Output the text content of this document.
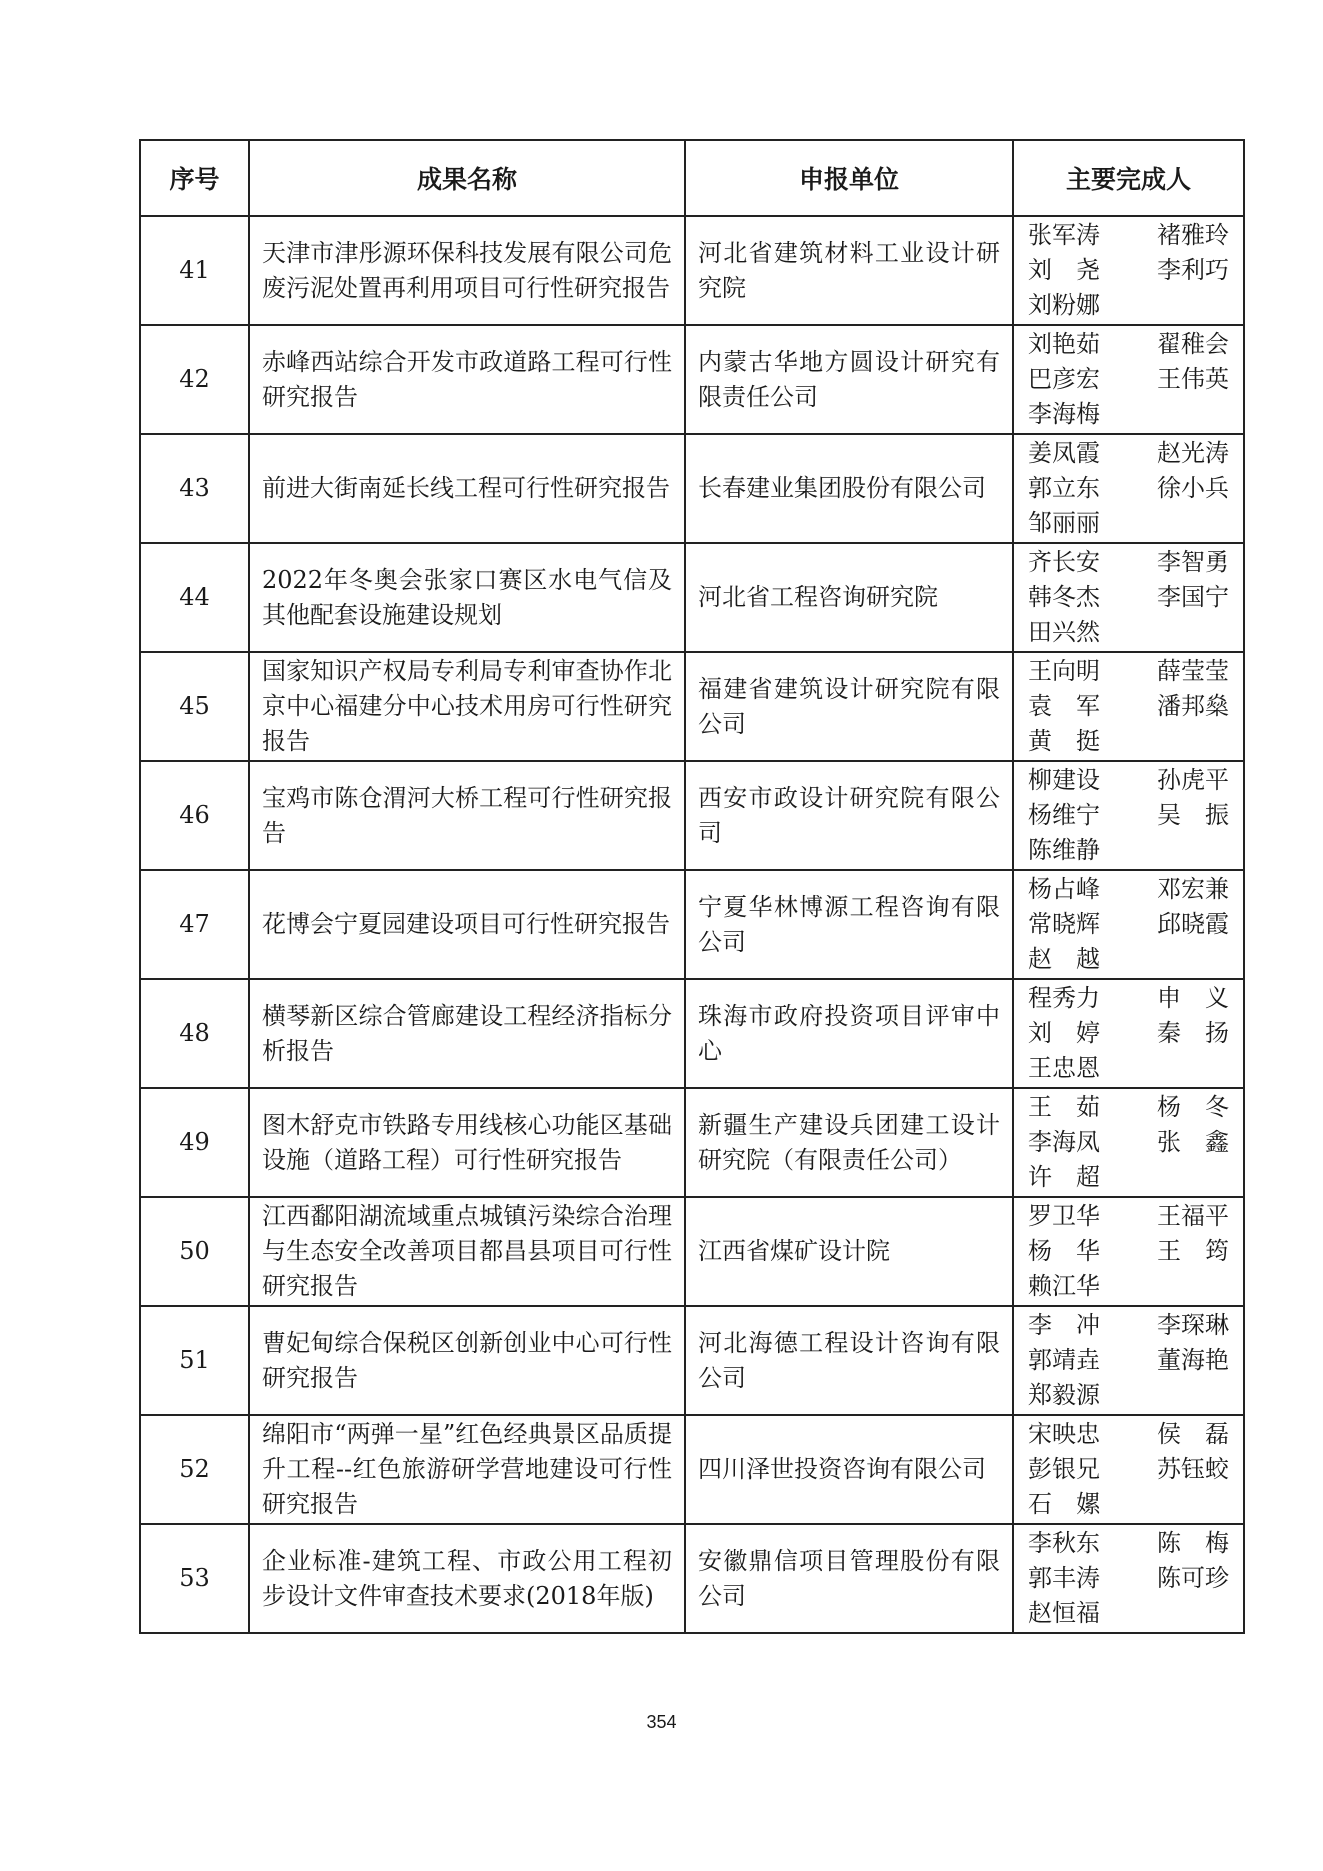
序号	成果名称	申报单位	主要完成人
41	天津市津彤源环保科技发展有限公司危废污泥处置再利用项目可行性研究报告	河北省建筑材料工业设计研究院	张军涛 褚雅玲
刘　尧 李利巧
刘粉娜

42	赤峰西站综合开发市政道路工程可行性研究报告	内蒙古华地方圆设计研究有限责任公司	刘艳茹 翟稚会
巴彦宏 王伟英
李海梅

43	前进大街南延长线工程可行性研究报告	长春建业集团股份有限公司	姜凤霞 赵光涛
郭立东 徐小兵
邹丽丽

44	2022年冬奥会张家口赛区水电气信及其他配套设施建设规划	河北省工程咨询研究院	齐长安 李智勇
韩冬杰 李国宁
田兴然

45	国家知识产权局专利局专利审查协作北京中心福建分中心技术用房可行性研究报告	福建省建筑设计研究院有限公司	王向明 薛莹莹
袁　军 潘邦燊
黄　挺

46	宝鸡市陈仓渭河大桥工程可行性研究报告	西安市政设计研究院有限公司	柳建设 孙虎平
杨维宁 吴　振
陈维静

47	花博会宁夏园建设项目可行性研究报告	宁夏华林博源工程咨询有限公司	杨占峰 邓宏兼
常晓辉 邱晓霞
赵　越

48	横琴新区综合管廊建设工程经济指标分析报告	珠海市政府投资项目评审中心	程秀力 申　义
刘　婷 秦　扬
王忠恩

49	图木舒克市铁路专用线核心功能区基础设施（道路工程）可行性研究报告	新疆生产建设兵团建工设计研究院（有限责任公司）	王　茹 杨　冬
李海凤 张　鑫
许　超

50	江西鄱阳湖流域重点城镇污染综合治理与生态安全改善项目都昌县项目可行性研究报告	江西省煤矿设计院	罗卫华 王福平
杨　华 王　筠
赖江华

51	曹妃甸综合保税区创新创业中心可行性研究报告	河北海德工程设计咨询有限公司	李　冲 李琛琳
郭靖垚 董海艳
郑毅源

52	绵阳市“两弹一星”红色经典景区品质提升工程--红色旅游研学营地建设可行性研究报告	四川泽世投资咨询有限公司	宋映忠 侯　磊
彭银兄 苏钰蛟
石　嫘

53	企业标准-建筑工程、市政公用工程初步设计文件审查技术要求(2018年版)	安徽鼎信项目管理股份有限公司	李秋东 陈　梅
郭丰涛 陈可珍
赵恒福
354
